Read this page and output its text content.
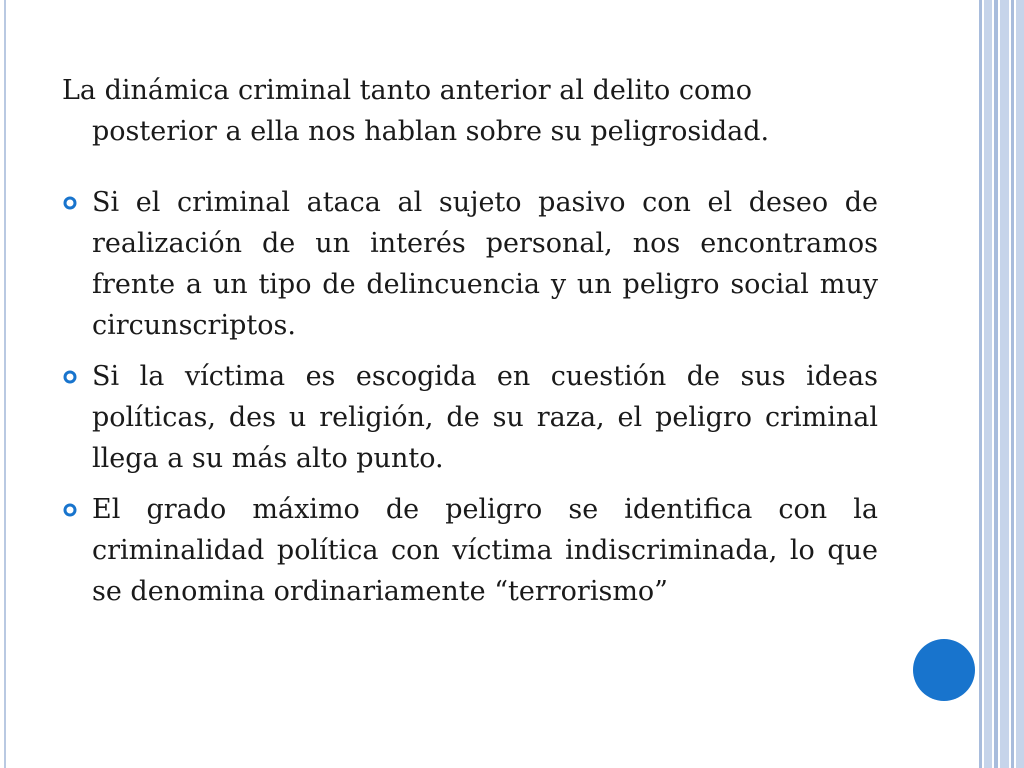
La dinámica criminal tanto anterior al delito como posterior a ella nos hablan sobre su peligrosidad.

Si el criminal ataca al sujeto pasivo con el deseo de realización de un interés personal, nos encontramos frente a un tipo de delincuencia y un peligro social muy circunscriptos.
Si la víctima es escogida en cuestión de sus ideas políticas, des u religión, de su raza, el peligro criminal llega a su más alto punto.
El grado máximo de peligro se identifica con la criminalidad política con víctima indiscriminada, lo que se denomina ordinariamente “terrorismo”
